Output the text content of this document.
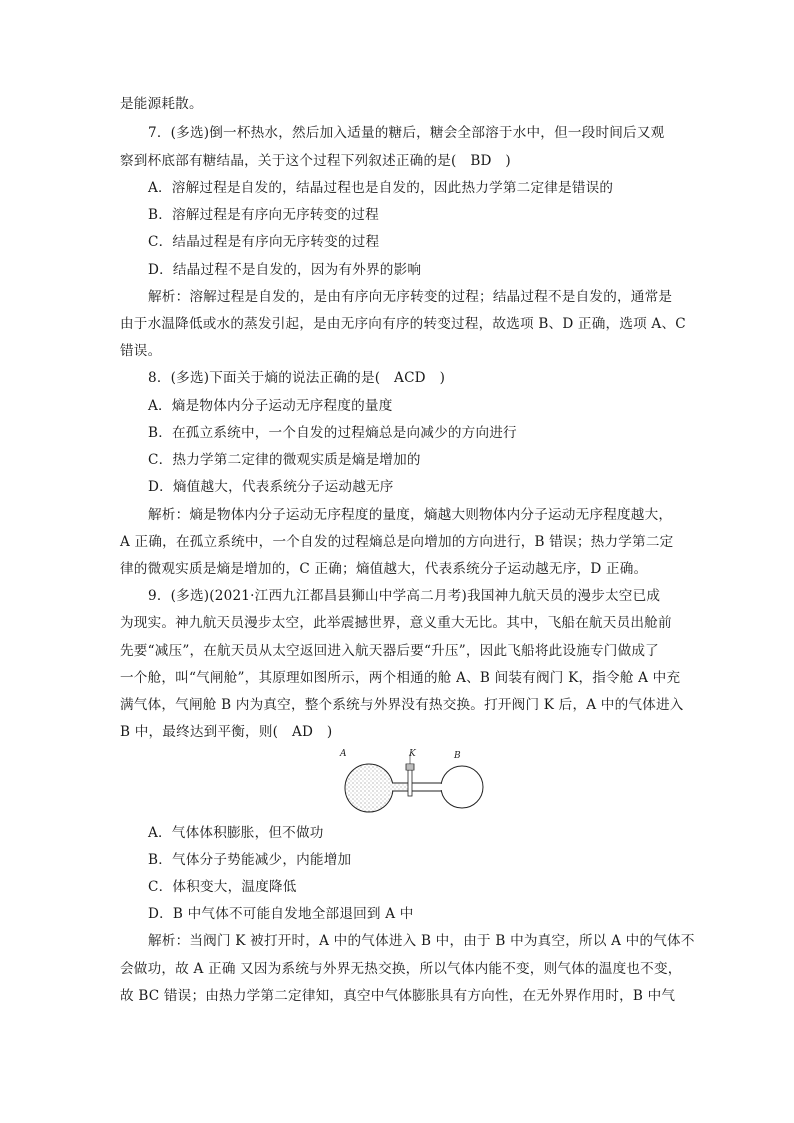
是能源耗散。
7．(多选)倒一杯热水，然后加入适量的糖后，糖会全部溶于水中，但一段时间后又观
察到杯底部有糖结晶，关于这个过程下列叙述正确的是( BD )
A．溶解过程是自发的，结晶过程也是自发的，因此热力学第二定律是错误的
B．溶解过程是有序向无序转变的过程
C．结晶过程是有序向无序转变的过程
D．结晶过程不是自发的，因为有外界的影响
解析：溶解过程是自发的，是由有序向无序转变的过程；结晶过程不是自发的，通常是
由于水温降低或水的蒸发引起，是由无序向有序的转变过程，故选项 B、D 正确，选项 A、C
错误。
8．(多选)下面关于熵的说法正确的是( ACD )
A．熵是物体内分子运动无序程度的量度
B．在孤立系统中，一个自发的过程熵总是向减少的方向进行
C．热力学第二定律的微观实质是熵是增加的
D．熵值越大，代表系统分子运动越无序
解析：熵是物体内分子运动无序程度的量度，熵越大则物体内分子运动无序程度越大，
A 正确，在孤立系统中，一个自发的过程熵总是向增加的方向进行，B 错误；热力学第二定
律的微观实质是熵是增加的，C 正确；熵值越大，代表系统分子运动越无序，D 正确。
9．(多选)(2021·江西九江都昌县狮山中学高二月考)我国神九航天员的漫步太空已成
为现实。神九航天员漫步太空，此举震撼世界，意义重大无比。其中，飞船在航天员出舱前
先要“减压”，在航天员从太空返回进入航天器后要“升压”，因此飞船将此设施专门做成了
一个舱，叫“气闸舱”，其原理如图所示，两个相通的舱 A、B 间装有阀门 K，指令舱 A 中充
满气体，气闸舱 B 内为真空，整个系统与外界没有热交换。打开阀门 K 后，A 中的气体进入
B 中，最终达到平衡，则( AD )
A	K	B
A．气体体积膨胀，但不做功
B．气体分子势能减少，内能增加
C．体积变大，温度降低
D．B 中气体不可能自发地全部退回到 A 中
解析：当阀门 K 被打开时，A 中的气体进入 B 中，由于 B 中为真空，所以 A 中的气体不
会做功，故 A 正确 又因为系统与外界无热交换，所以气体内能不变，则气体的温度也不变，
故 BC 错误；由热力学第二定律知，真空中气体膨胀具有方向性，在无外界作用时，B 中气
